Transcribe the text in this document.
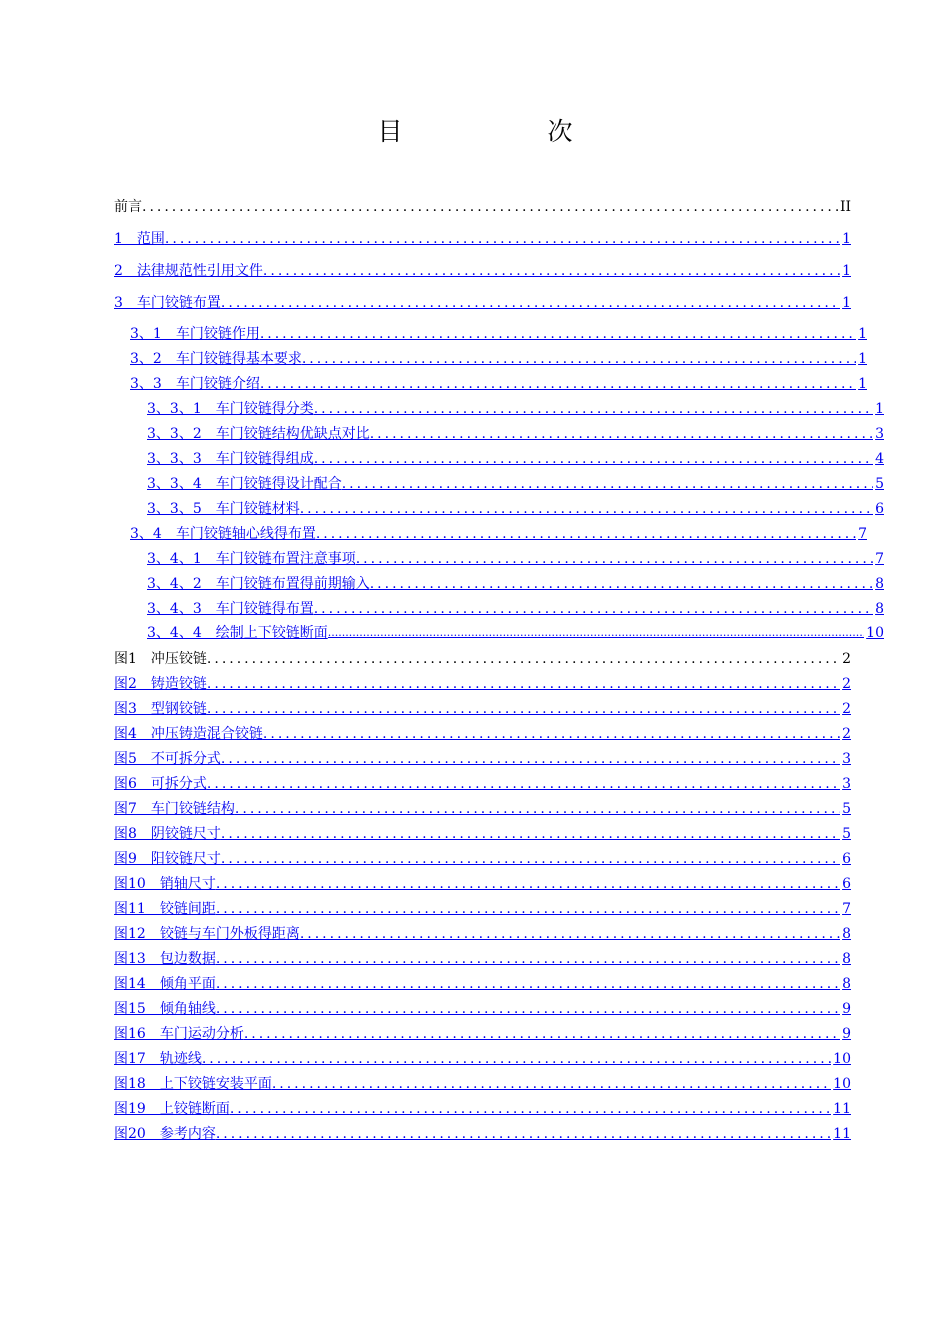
目　次
前言 .....	II
1　范围 .....	1
2　法律规范性引用文件 .....	1
3　车门铰链布置 .....	1
3、1　车门铰链作用 .....	1
3、2　车门铰链得基本要求 .....	1
3、3　车门铰链介绍 .....	1
3、3、1　车门铰链得分类 .....	1
3、3、2　车门铰链结构优缺点对比 .....	3
3、3、3　车门铰链得组成 .....	4
3、3、4　车门铰链得设计配合 .....	5
3、3、5　车门铰链材料 .....	6
3、4　车门铰链轴心线得布置 .....	7
3、4、1　车门铰链布置注意事项 .....	7
3、4、2　车门铰链布置得前期输入 .....	8
3、4、3　车门铰链得布置 .....	8
3、4、4　绘制上下铰链断面 .....	10
图1　冲压铰链 .....	2
图2　铸造铰链 .....	2
图3　型钢铰链 .....	2
图4　冲压铸造混合铰链 .....	2
图5　不可拆分式 .....	3
图6　可拆分式 .....	3
图7　车门铰链结构 .....	5
图8　阴铰链尺寸 .....	5
图9　阳铰链尺寸 .....	6
图10　销轴尺寸 .....	6
图11　铰链间距 .....	7
图12　铰链与车门外板得距离 .....	8
图13　包边数据 .....	8
图14　倾角平面 .....	8
图15　倾角轴线 .....	9
图16　车门运动分析 .....	9
图17　轨迹线 .....	10
图18　上下铰链安装平面 .....	10
图19　上铰链断面 .....	11
图20　参考内容 .....	11
